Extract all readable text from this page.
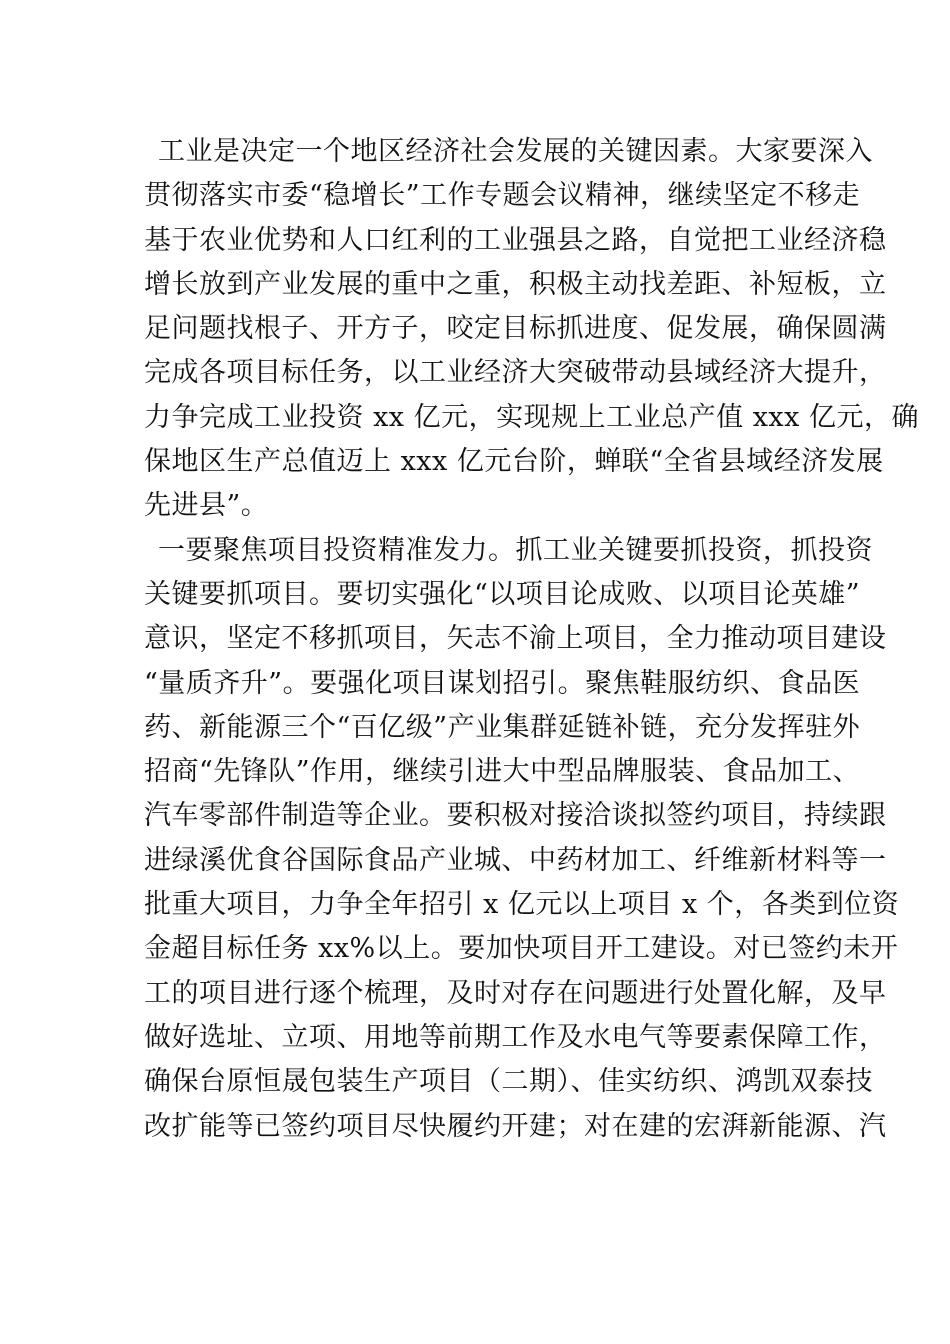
工业是决定一个地区经济社会发展的关键因素。大家要深入
贯彻落实市委“稳增长”工作专题会议精神，继续坚定不移走
基于农业优势和人口红利的工业强县之路，自觉把工业经济稳
增长放到产业发展的重中之重，积极主动找差距、补短板，立
足问题找根子、开方子，咬定目标抓进度、促发展，确保圆满
完成各项目标任务，以工业经济大突破带动县域经济大提升，
力争完成工业投资 xx 亿元，实现规上工业总产值 xxx 亿元，确
保地区生产总值迈上 xxx 亿元台阶，蝉联“全省县域经济发展
先进县”。
一要聚焦项目投资精准发力。抓工业关键要抓投资，抓投资
关键要抓项目。要切实强化“以项目论成败、以项目论英雄”
意识，坚定不移抓项目，矢志不渝上项目，全力推动项目建设
“量质齐升”。要强化项目谋划招引。聚焦鞋服纺织、食品医
药、新能源三个“百亿级”产业集群延链补链，充分发挥驻外
招商“先锋队”作用，继续引进大中型品牌服装、食品加工、
汽车零部件制造等企业。要积极对接洽谈拟签约项目，持续跟
进绿溪优食谷国际食品产业城、中药材加工、纤维新材料等一
批重大项目，力争全年招引 x 亿元以上项目 x 个，各类到位资
金超目标任务 xx%以上。要加快项目开工建设。对已签约未开
工的项目进行逐个梳理，及时对存在问题进行处置化解，及早
做好选址、立项、用地等前期工作及水电气等要素保障工作，
确保台原恒晟包装生产项目（二期）、佳实纺织、鸿凯双泰技
改扩能等已签约项目尽快履约开建；对在建的宏湃新能源、汽
